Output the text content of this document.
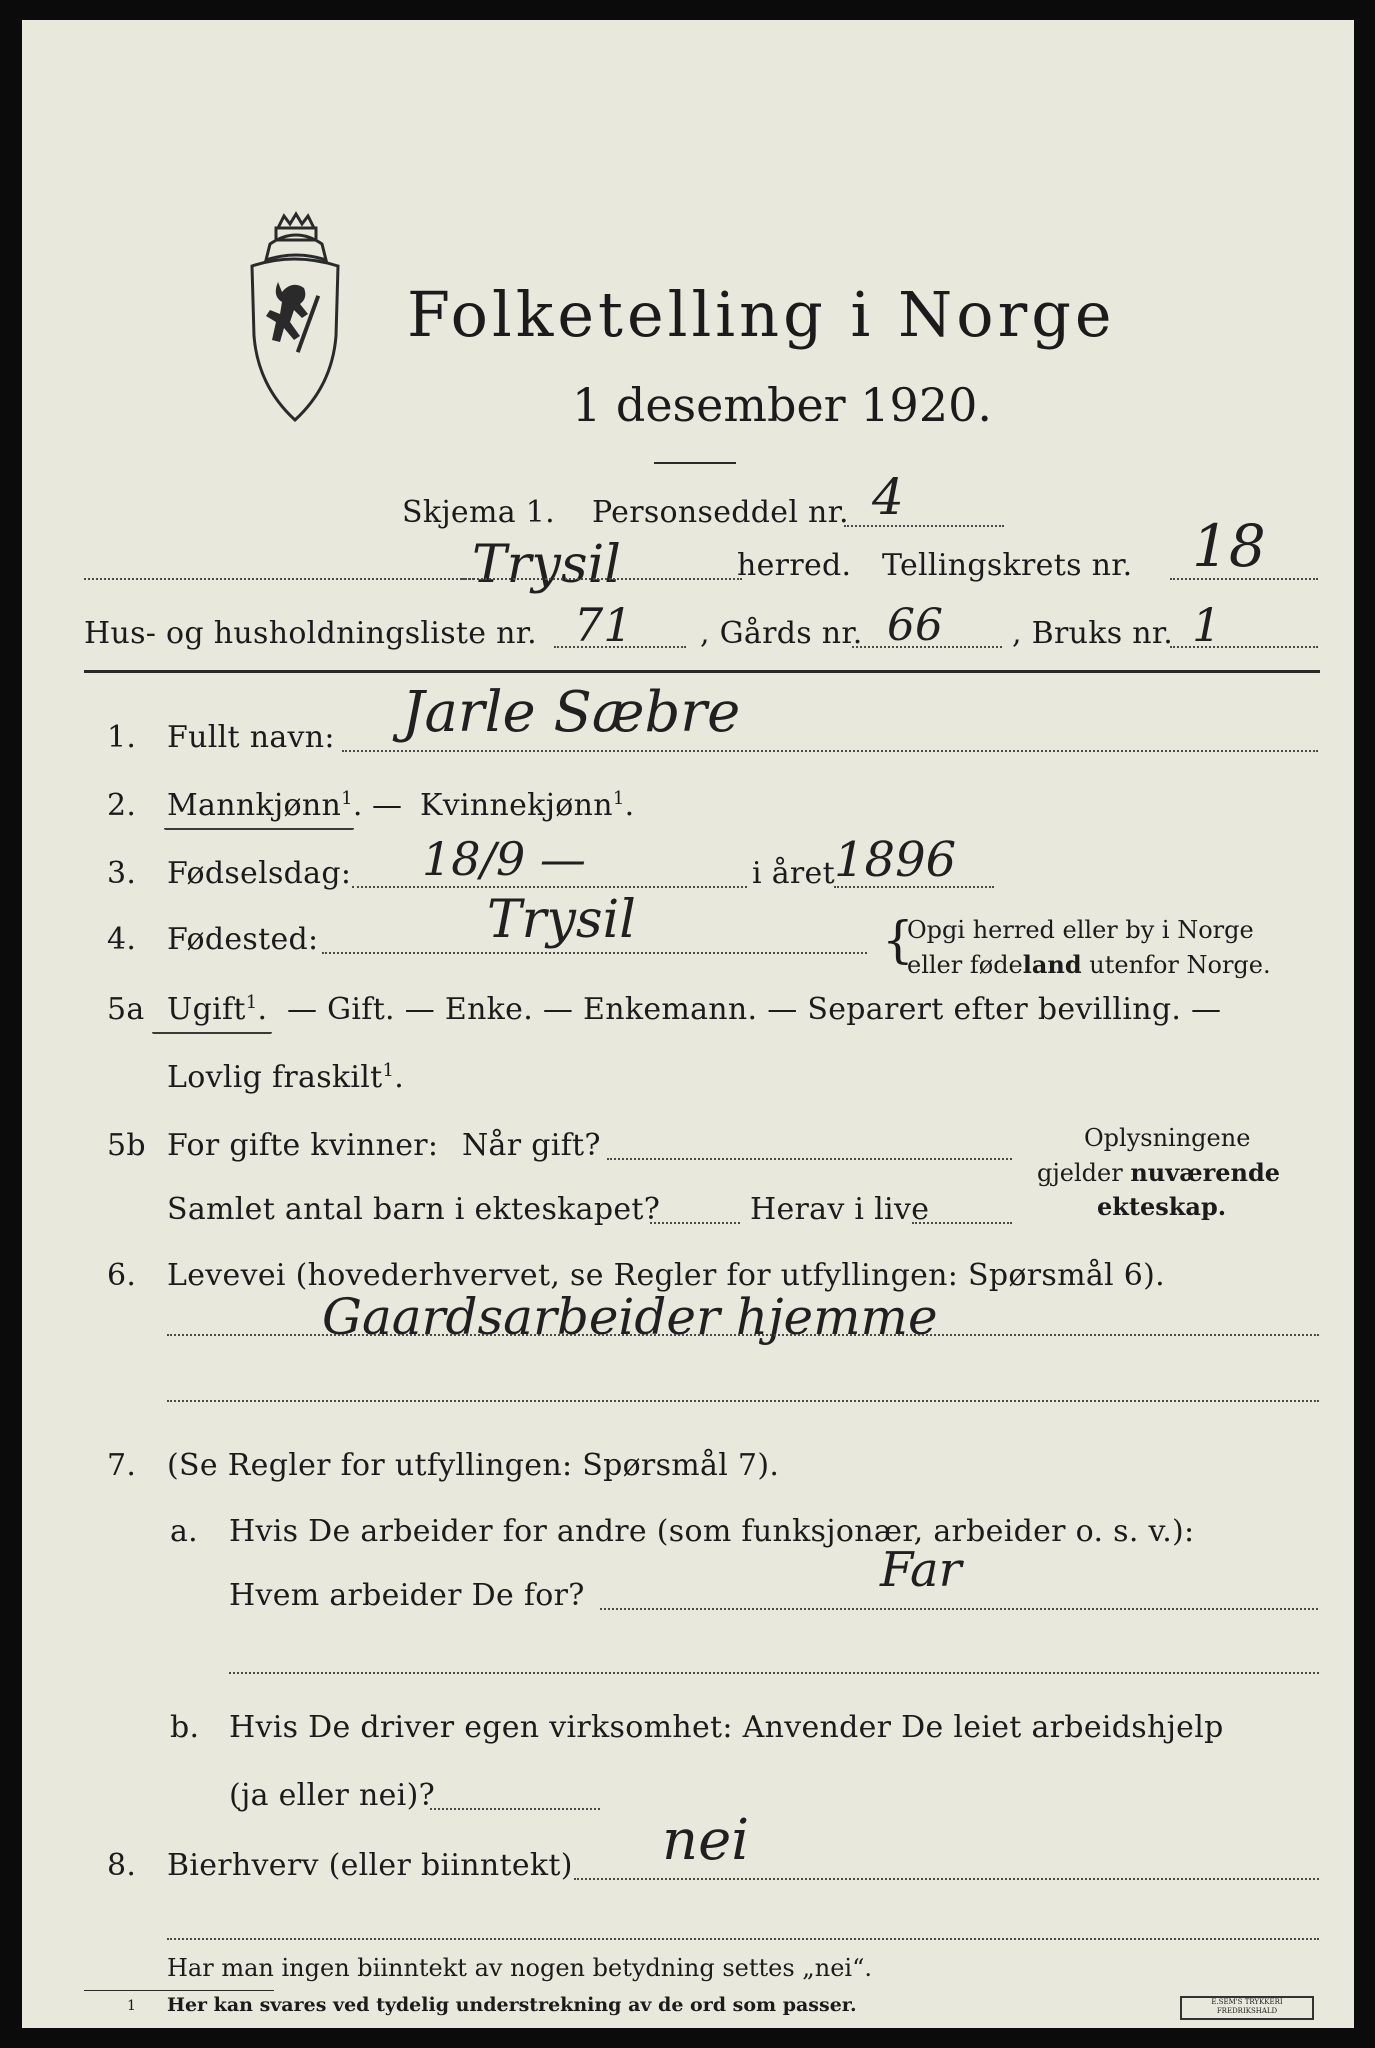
Folketelling i Norge
1 desember 1920.
Skjema 1. Personseddel nr. 4
Trysil	herred. Tellingskrets nr. 18
Hus- og husholdningsliste nr. 71 , Gårds nr. 66 , Bruks nr. 1
1. Fullt navn: Jarle Sæbre
2. Mannkjønn$^1$. — Kvinnekjønn$^1$.
3. Fødselsdag: 18/9 —	i året 1896
4. Fødested:	Trysil	{
Opgi herred eller by i Norge
eller fødeland utenfor Norge.
5a Ugift$^1$. — Gift. — Enke. — Enkemann. — Separert efter bevilling. —
Lovlig fraskilt$^1$.
5b For gifte kvinner: Når gift?
Samlet antal barn i ekteskapet?	Herav i live
Oplysningene
gjelder nuværende
ekteskap.
6. Levevei (hovederhvervet, se Regler for utfyllingen: Spørsmål 6).
Gaardsarbeider hjemme
7. (Se Regler for utfyllingen: Spørsmål 7).
a. Hvis De arbeider for andre (som funksjonær, arbeider o. s. v.):
Hvem arbeider De for?	Far
b. Hvis De driver egen virksomhet: Anvender De leiet arbeidshjelp
(ja eller nei)?
8. Bierhverv (eller biinntekt) nei
Har man ingen biinntekt av nogen betydning settes „nei“.
1 Her kan svares ved tydelig understrekning av de ord som passer.	E.SEM'S TRYKKERI
FREDRIKSHALD
